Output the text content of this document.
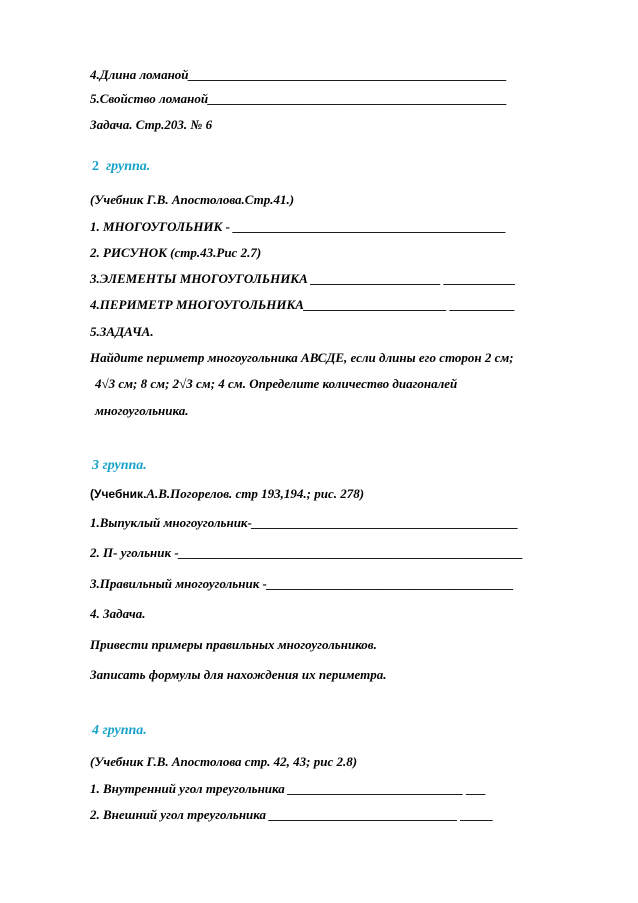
4.Длина ломаной_________________________________________________
5.Свойство ломаной______________________________________________
Задача. Стр.203. № 6
2 группа.
(Учебник Г.В. Апостолова.Стр.41.)
1. МНОГОУГОЛЬНИК - __________________________________________
2. РИСУНОК (стр.43.Рис 2.7)
3.ЭЛЕМЕНТЫ МНОГОУГОЛЬНИКА ____________________ ___________
4.ПЕРИМЕТР МНОГОУГОЛЬНИКА______________________ __________
5.ЗАДАЧА.
Найдите периметр многоугольника АВСДЕ, если длины его сторон 2 см;
4√3 см; 8 см; 2√3 см; 4 см. Определите количество диагоналей
многоугольника.
3 группа.
(Учебник.А.В.Погорелов. стр 193,194.; рис. 278)
1.Выпуклый многоугольник-_________________________________________
2. П- угольник -_____________________________________________________
3.Правильный многоугольник -______________________________________
4. Задача.
Привести примеры правильных многоугольников.
Записать формулы для нахождения их периметра.
4 группа.
(Учебник Г.В. Апостолова стр. 42, 43; рис 2.8)
1. Внутренний угол треугольника ___________________________ ___
2. Внешний угол треугольника _____________________________ _____
